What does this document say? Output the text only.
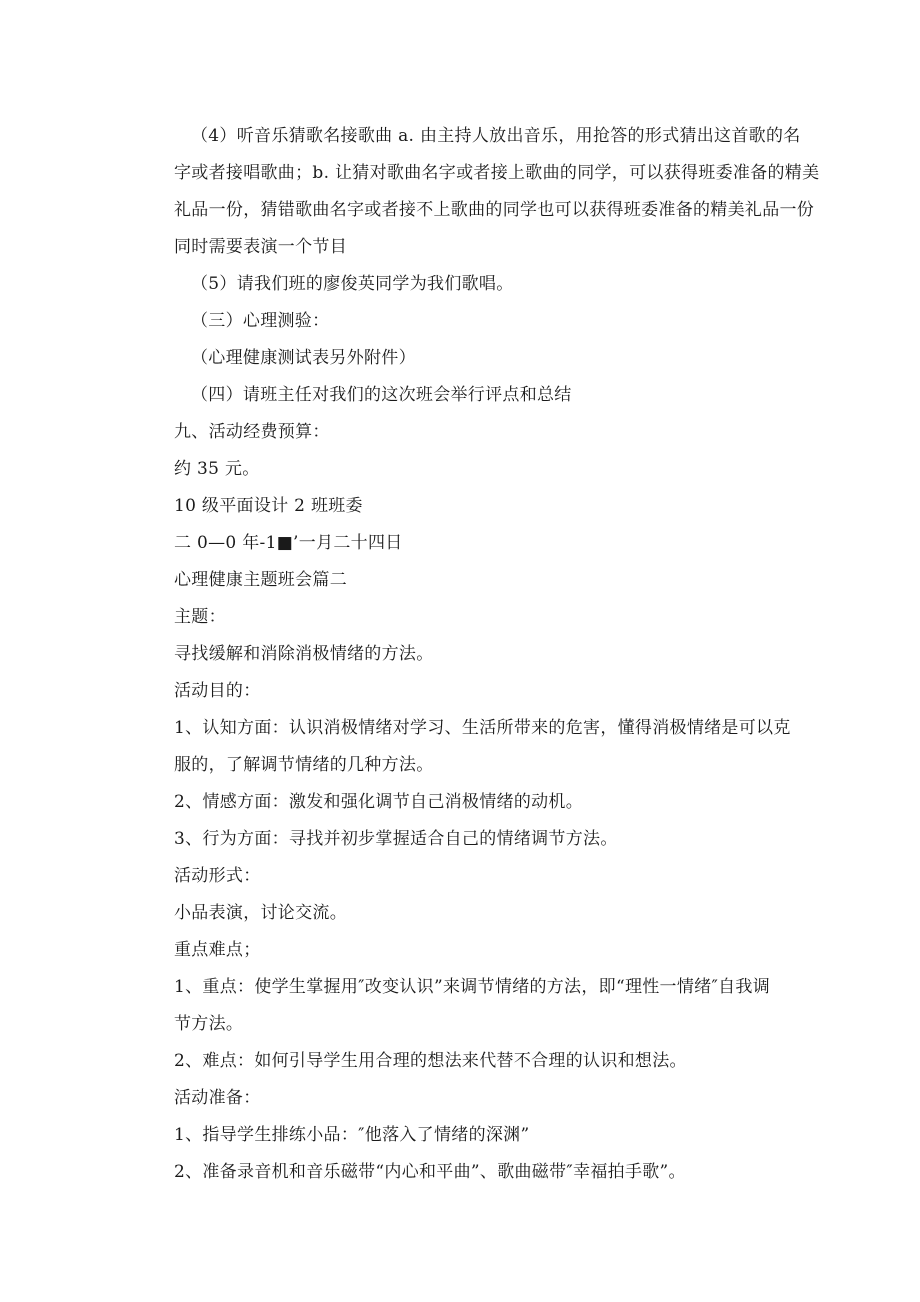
（4）听音乐猜歌名接歌曲 a. 由主持人放出音乐，用抢答的形式猜出这首歌的名
字或者接唱歌曲；b. 让猜对歌曲名字或者接上歌曲的同学，可以获得班委准备的精美
礼品一份，猜错歌曲名字或者接不上歌曲的同学也可以获得班委准备的精美礼品一份
同时需要表演一个节目
（5）请我们班的廖俊英同学为我们歌唱。
（三）心理测验：
（心理健康测试表另外附件）
（四）请班主任对我们的这次班会举行评点和总结
九、活动经费预算：
约 35 元。
10 级平面设计 2 班班委
二 0—0 年-1■’一月二十四日
心理健康主题班会篇二
主题：
寻找缓解和消除消极情绪的方法。
活动目的：
1、认知方面：认识消极情绪对学习、生活所带来的危害，懂得消极情绪是可以克
服的，了解调节情绪的几种方法。
2、情感方面：激发和强化调节自己消极情绪的动机。
3、行为方面：寻找并初步掌握适合自己的情绪调节方法。
活动形式：
小品表演，讨论交流。
重点难点；
1、重点：使学生掌握用″改变认识”来调节情绪的方法，即“理性一情绪″自我调
节方法。
2、难点：如何引导学生用合理的想法来代替不合理的认识和想法。
活动准备：
1、指导学生排练小品：″他落入了情绪的深渊”
2、准备录音机和音乐磁带“内心和平曲”、歌曲磁带″幸福拍手歌”。
